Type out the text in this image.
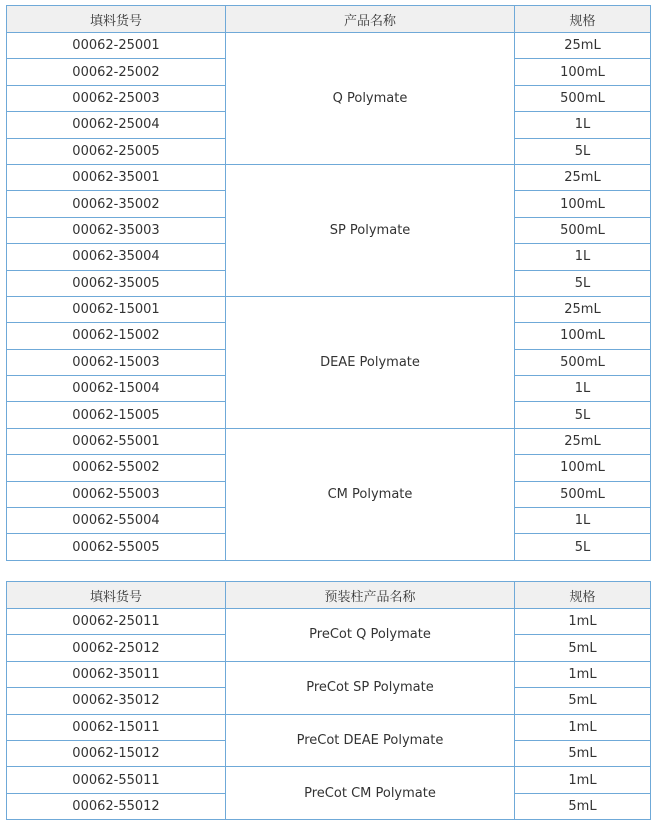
填料货号	产品名称	规格
00062-25001	Q Polymate	25mL
00062-25002		100mL
00062-25003		500mL
00062-25004		1L
00062-25005		5L
00062-35001	SP Polymate	25mL
00062-35002		100mL
00062-35003		500mL
00062-35004		1L
00062-35005		5L
00062-15001	DEAE Polymate	25mL
00062-15002		100mL
00062-15003		500mL
00062-15004		1L
00062-15005		5L
00062-55001	CM Polymate	25mL
00062-55002		100mL
00062-55003		500mL
00062-55004		1L
00062-55005		5L
填料货号	预装柱产品名称	规格
00062-25011	PreCot Q Polymate	1mL
00062-25012		5mL
00062-35011	PreCot SP Polymate	1mL
00062-35012		5mL
00062-15011	PreCot DEAE Polymate	1mL
00062-15012		5mL
00062-55011	PreCot CM Polymate	1mL
00062-55012		5mL
